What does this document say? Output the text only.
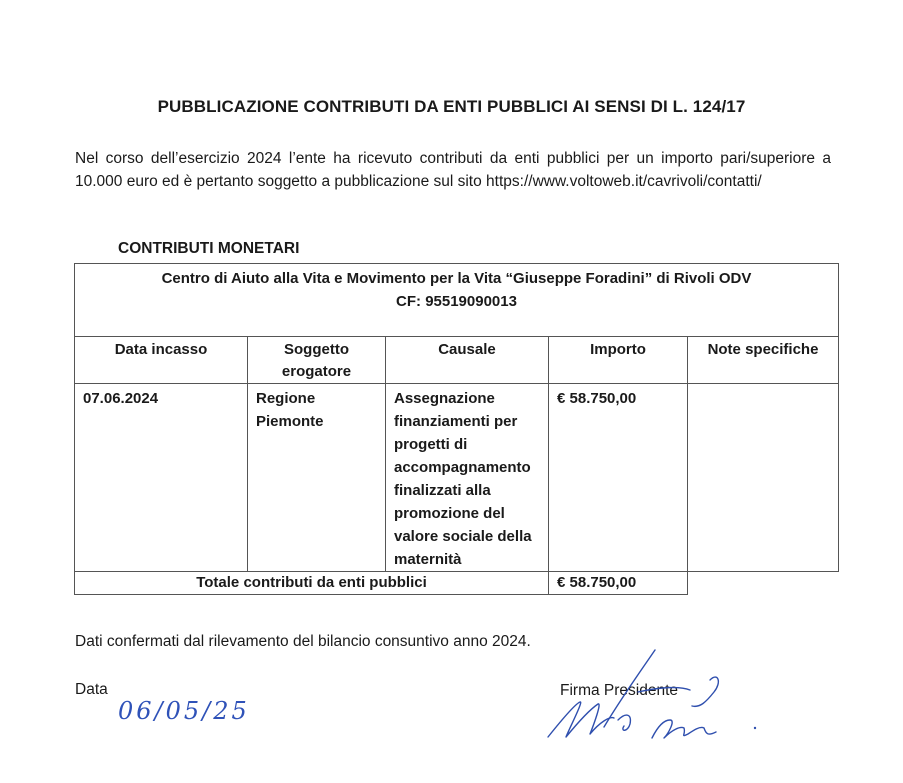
PUBBLICAZIONE CONTRIBUTI DA ENTI PUBBLICI AI SENSI DI L. 124/17
Nel corso dell’esercizio 2024 l’ente ha ricevuto contributi da enti pubblici per un importo pari/superiore a 10.000 euro ed è pertanto soggetto a pubblicazione sul sito https://www.voltoweb.it/cavrivoli/contatti/
CONTRIBUTI MONETARI
Centro di Aiuto alla Vita e Movimento per la Vita “Giuseppe Foradini” di Rivoli ODV
CF: 95519090013				

Data incasso	Soggetto erogatore	Causale	Importo	Note specifiche
07.06.2024	Regione Piemonte	Assegnazione finanziamenti per progetti di accompagnamento finalizzati alla promozione del valore sociale della maternità	€ 58.750,00	
Totale contributi da enti pubblici			€ 58.750,00	
Dati confermati dal rilevamento del bilancio consuntivo anno 2024.
Data
06/05/25
Firma Presidente
